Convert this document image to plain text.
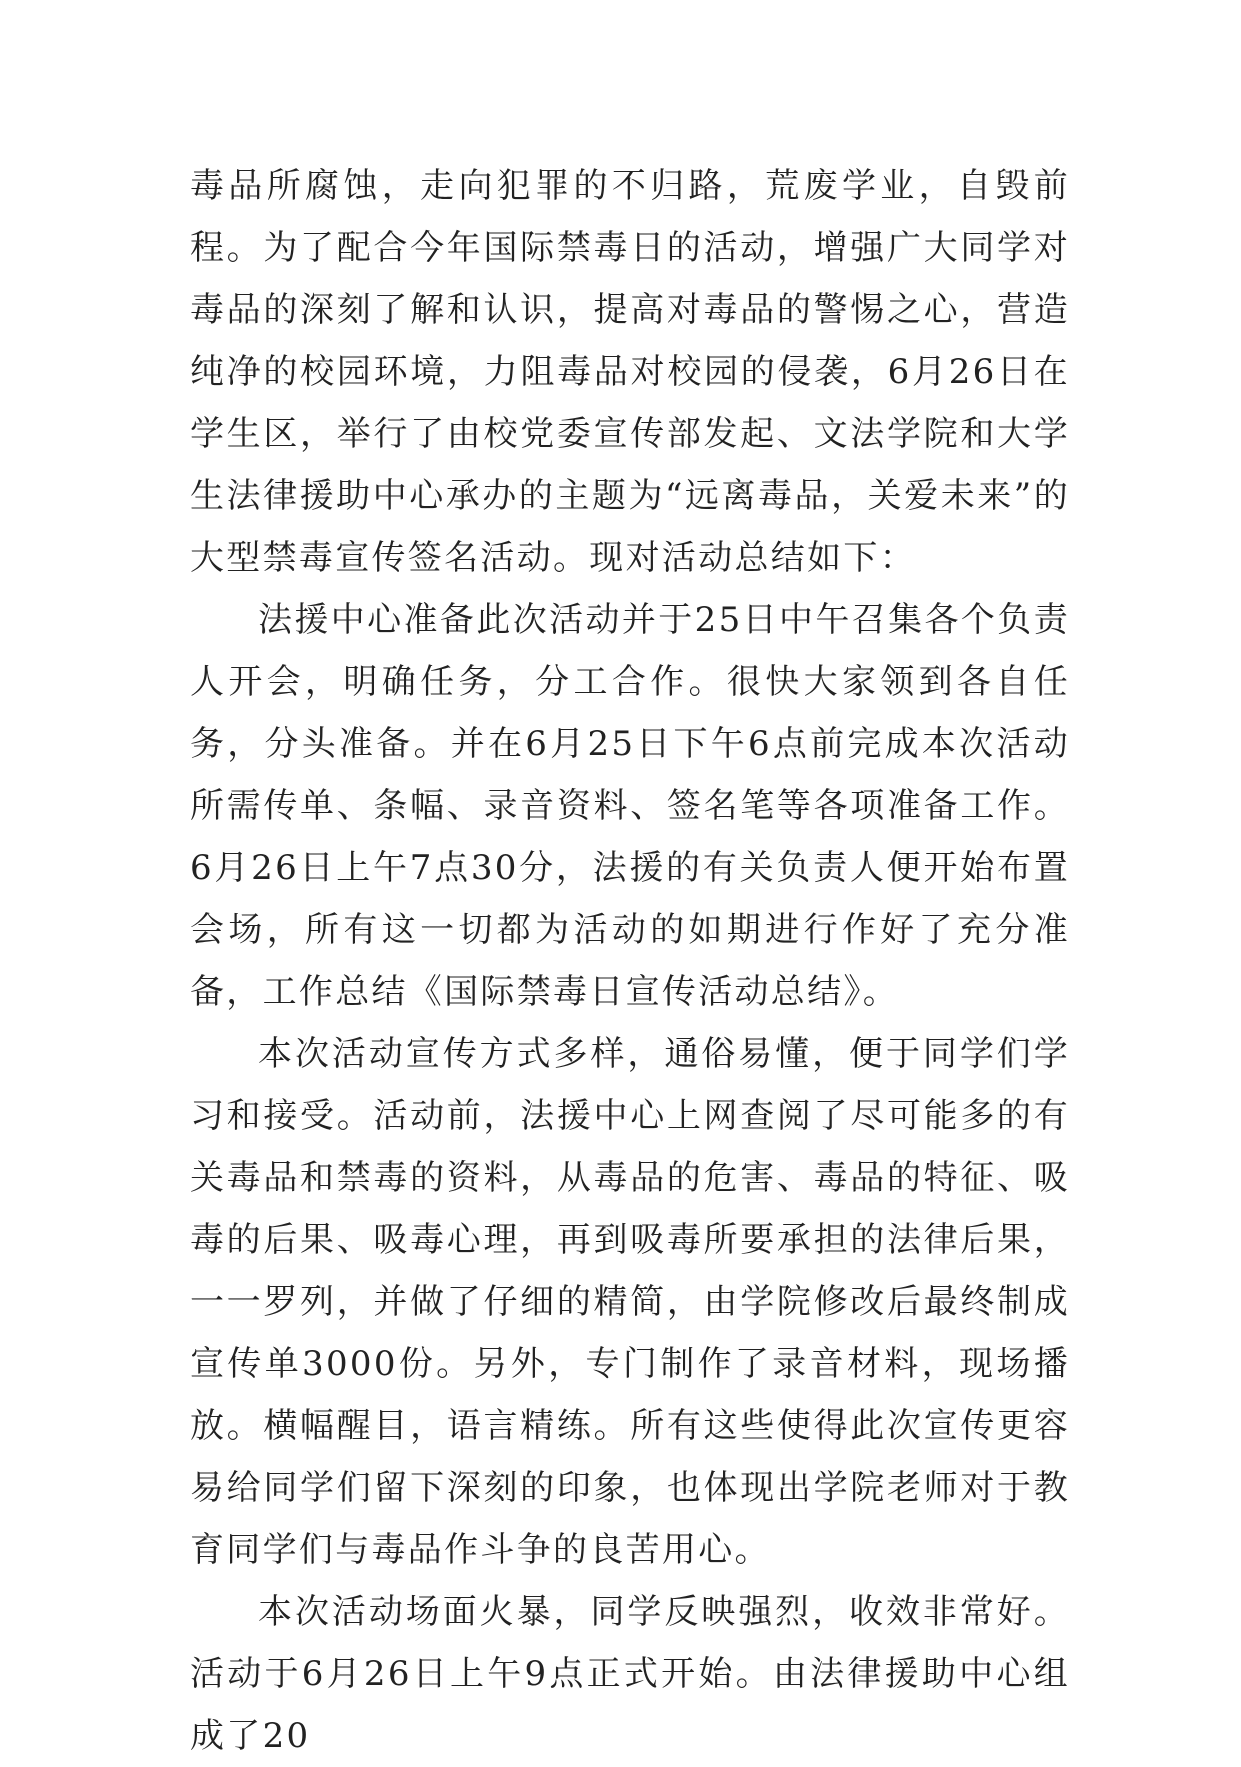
毒品所腐蚀，走向犯罪的不归路，荒废学业，自毁前程。为了配合今年国际禁毒日的活动，增强广大同学对毒品的深刻了解和认识，提高对毒品的警惕之心，营造纯净的校园环境，力阻毒品对校园的侵袭，6月26日在学生区，举行了由校党委宣传部发起、文法学院和大学生法律援助中心承办的主题为“远离毒品，关爱未来”的大型禁毒宣传签名活动。现对活动总结如下：

法援中心准备此次活动并于25日中午召集各个负责人开会，明确任务，分工合作。很快大家领到各自任务，分头准备。并在6月25日下午6点前完成本次活动所需传单、条幅、录音资料、签名笔等各项准备工作。6月26日上午7点30分，法援的有关负责人便开始布置会场，所有这一切都为活动的如期进行作好了充分准备，工作总结《国际禁毒日宣传活动总结》。

本次活动宣传方式多样，通俗易懂，便于同学们学习和接受。活动前，法援中心上网查阅了尽可能多的有关毒品和禁毒的资料，从毒品的危害、毒品的特征、吸毒的后果、吸毒心理，再到吸毒所要承担的法律后果，一一罗列，并做了仔细的精简，由学院修改后最终制成宣传单3000份。另外，专门制作了录音材料，现场播放。横幅醒目，语言精练。所有这些使得此次宣传更容易给同学们留下深刻的印象，也体现出学院老师对于教育同学们与毒品作斗争的良苦用心。

本次活动场面火暴，同学反映强烈，收效非常好。活动于6月26日上午9点正式开始。由法律援助中心组成了20
